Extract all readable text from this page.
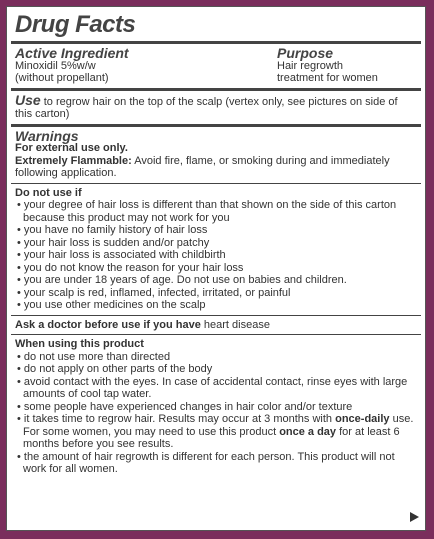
Drug Facts
Active Ingredient
Minoxidil 5%w/w
(without propellant)
Purpose
Hair regrowth
treatment for women
Use to regrow hair on the top of the scalp (vertex only, see pictures on side of this carton)
Warnings
For external use only.
Extremely Flammable: Avoid fire, flame, or smoking during and immediately following application.
Do not use if
• your degree of hair loss is different than that shown on the side of this carton because this product may not work for you
• you have no family history of hair loss
• your hair loss is sudden and/or patchy
• your hair loss is associated with childbirth
• you do not know the reason for your hair loss
• you are under 18 years of age. Do not use on babies and children.
• your scalp is red, inflamed, infected, irritated, or painful
• you use other medicines on the scalp
Ask a doctor before use if you have heart disease
When using this product
• do not use more than directed
• do not apply on other parts of the body
• avoid contact with the eyes. In case of accidental contact, rinse eyes with large amounts of cool tap water.
• some people have experienced changes in hair color and/or texture
• it takes time to regrow hair. Results may occur at 3 months with once-daily use. For some women, you may need to use this product once a day for at least 6 months before you see results.
• the amount of hair regrowth is different for each person. This product will not work for all women.
